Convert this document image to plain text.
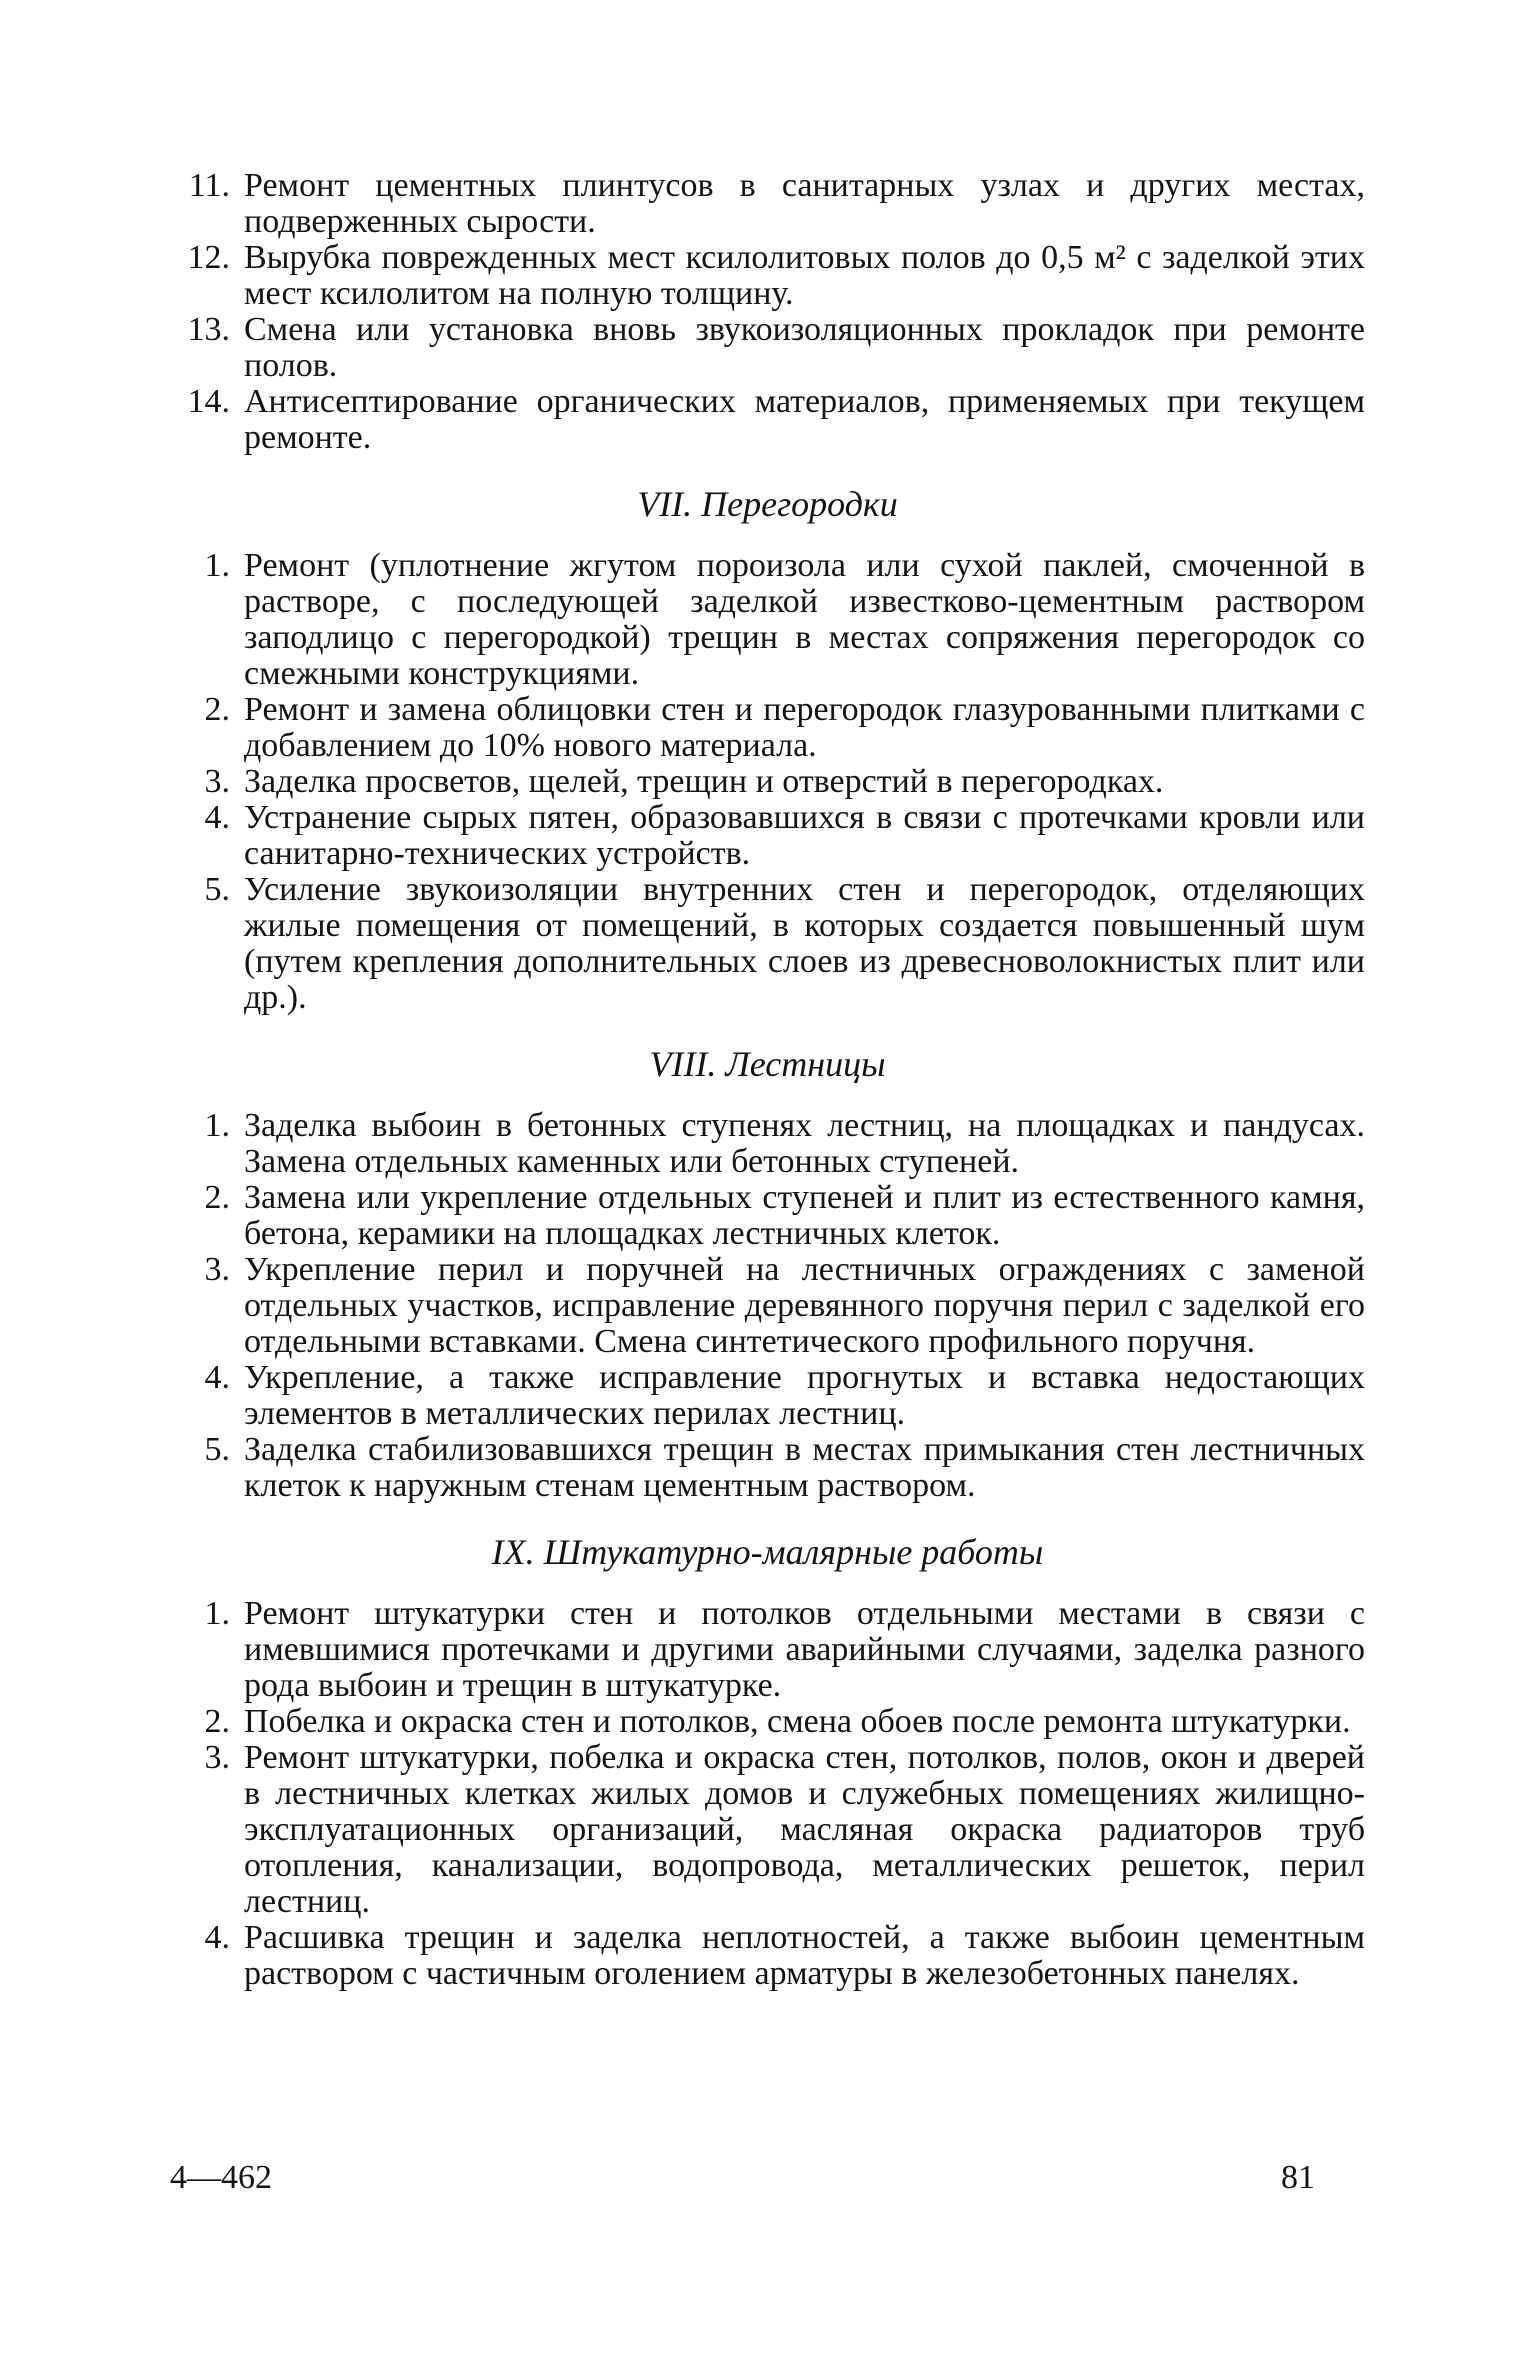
11. Ремонт цементных плинтусов в санитарных узлах и других местах, подверженных сырости.
12. Вырубка поврежденных мест ксилолитовых полов до 0,5 м² с заделкой этих мест ксилолитом на полную толщину.
13. Смена или установка вновь звукоизоляционных прокладок при ремонте полов.
14. Антисептирование органических материалов, применяемых при текущем ремонте.
VII. Перегородки
1. Ремонт (уплотнение жгутом пороизола или сухой паклей, смоченной в растворе, с последующей заделкой известково-цементным раствором заподлицо с перегородкой) трещин в местах сопряжения перегородок со смежными конструкциями.
2. Ремонт и замена облицовки стен и перегородок глазурованными плитками с добавлением до 10% нового материала.
3. Заделка просветов, щелей, трещин и отверстий в перегородках.
4. Устранение сырых пятен, образовавшихся в связи с протечками кровли или санитарно-технических устройств.
5. Усиление звукоизоляции внутренних стен и перегородок, отделяющих жилые помещения от помещений, в которых создается повышенный шум (путем крепления дополнительных слоев из древесноволокнистых плит или др.).
VIII. Лестницы
1. Заделка выбоин в бетонных ступенях лестниц, на площадках и пандусах. Замена отдельных каменных или бетонных ступеней.
2. Замена или укрепление отдельных ступеней и плит из естественного камня, бетона, керамики на площадках лестничных клеток.
3. Укрепление перил и поручней на лестничных ограждениях с заменой отдельных участков, исправление деревянного поручня перил с заделкой его отдельными вставками. Смена синтетического профильного поручня.
4. Укрепление, а также исправление прогнутых и вставка недостающих элементов в металлических перилах лестниц.
5. Заделка стабилизовавшихся трещин в местах примыкания стен лестничных клеток к наружным стенам цементным раствором.
IX. Штукатурно-малярные работы
1. Ремонт штукатурки стен и потолков отдельными местами в связи с имевшимися протечками и другими аварийными случаями, заделка разного рода выбоин и трещин в штукатурке.
2. Побелка и окраска стен и потолков, смена обоев после ремонта штукатурки.
3. Ремонт штукатурки, побелка и окраска стен, потолков, полов, окон и дверей в лестничных клетках жилых домов и служебных помещениях жилищно-эксплуатационных организаций, масляная окраска радиаторов труб отопления, канализации, водопровода, металлических решеток, перил лестниц.
4. Расшивка трещин и заделка неплотностей, а также выбоин цементным раствором с частичным оголением арматуры в железобетонных панелях.
4—462	81
